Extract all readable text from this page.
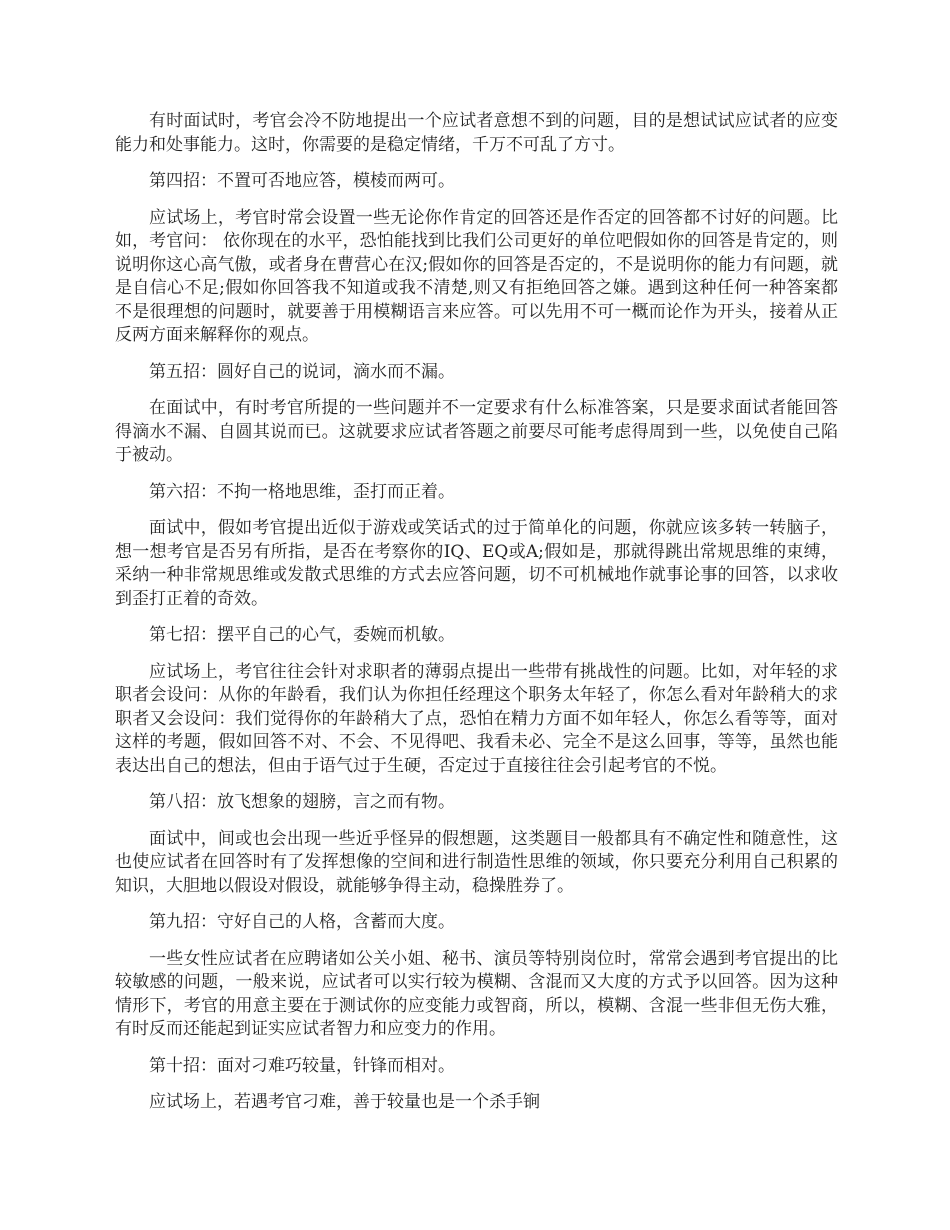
有时面试时，考官会冷不防地提出一个应试者意想不到的问题，目的是想试试应试者的应变能力和处事能力。这时，你需要的是稳定情绪，千万不可乱了方寸。

第四招：不置可否地应答，模棱而两可。

应试场上，考官时常会设置一些无论你作肯定的回答还是作否定的回答都不讨好的问题。比如，考官问： 依你现在的水平，恐怕能找到比我们公司更好的单位吧假如你的回答是肯定的，则说明你这心高气傲，或者身在曹营心在汉;假如你的回答是否定的，不是说明你的能力有问题，就是自信心不足;假如你回答我不知道或我不清楚,则又有拒绝回答之嫌。遇到这种任何一种答案都不是很理想的问题时，就要善于用模糊语言来应答。可以先用不可一概而论作为开头，接着从正反两方面来解释你的观点。

第五招：圆好自己的说词，滴水而不漏。

在面试中，有时考官所提的一些问题并不一定要求有什么标准答案，只是要求面试者能回答得滴水不漏、自圆其说而已。这就要求应试者答题之前要尽可能考虑得周到一些，以免使自己陷于被动。

第六招：不拘一格地思维，歪打而正着。

面试中，假如考官提出近似于游戏或笑话式的过于简单化的问题，你就应该多转一转脑子，想一想考官是否另有所指，是否在考察你的IQ、EQ或A;假如是，那就得跳出常规思维的束缚，采纳一种非常规思维或发散式思维的方式去应答问题，切不可机械地作就事论事的回答，以求收到歪打正着的奇效。

第七招：摆平自己的心气，委婉而机敏。

应试场上，考官往往会针对求职者的薄弱点提出一些带有挑战性的问题。比如，对年轻的求职者会设问：从你的年龄看，我们认为你担任经理这个职务太年轻了，你怎么看对年龄稍大的求职者又会设问：我们觉得你的年龄稍大了点，恐怕在精力方面不如年轻人，你怎么看等等，面对这样的考题，假如回答不对、不会、不见得吧、我看未必、完全不是这么回事，等等，虽然也能表达出自己的想法，但由于语气过于生硬，否定过于直接往往会引起考官的不悦。

第八招：放飞想象的翅膀，言之而有物。

面试中，间或也会出现一些近乎怪异的假想题，这类题目一般都具有不确定性和随意性，这也使应试者在回答时有了发挥想像的空间和进行制造性思维的领域，你只要充分利用自己积累的知识，大胆地以假设对假设，就能够争得主动，稳操胜券了。

第九招：守好自己的人格，含蓄而大度。

一些女性应试者在应聘诸如公关小姐、秘书、演员等特别岗位时，常常会遇到考官提出的比较敏感的问题，一般来说，应试者可以实行较为模糊、含混而又大度的方式予以回答。因为这种情形下，考官的用意主要在于测试你的应变能力或智商，所以，模糊、含混一些非但无伤大雅，有时反而还能起到证实应试者智力和应变力的作用。

第十招：面对刁难巧较量，针锋而相对。

应试场上，若遇考官刁难，善于较量也是一个杀手锏
